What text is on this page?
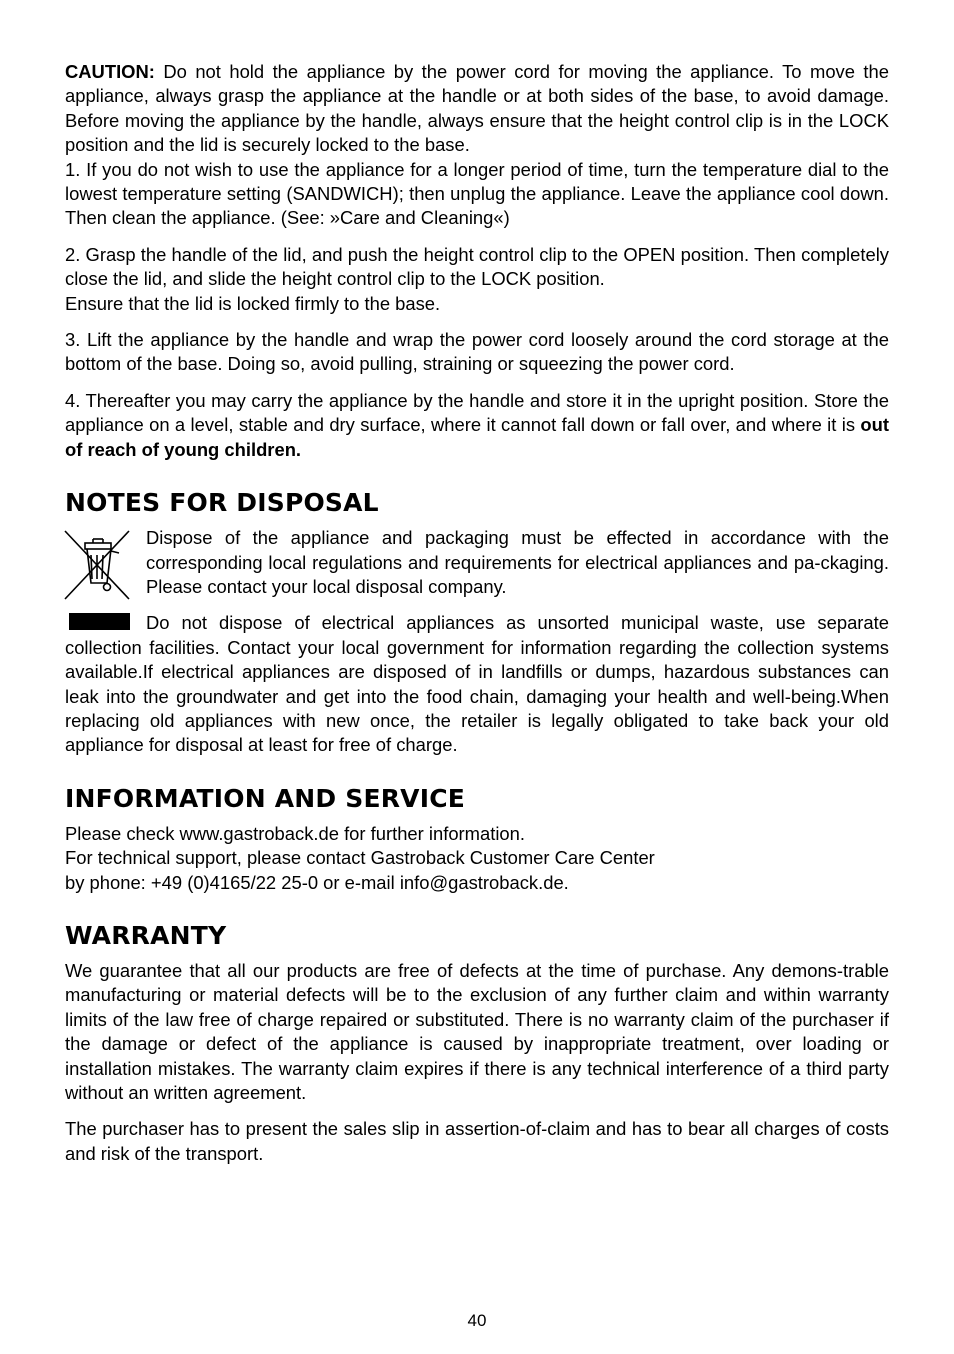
CAUTION: Do not hold the appliance by the power cord for moving the appliance. To move the appliance, always grasp the appliance at the handle or at both sides of the base, to avoid damage. Before moving the appliance by the handle, always ensure that the height control clip is in the LOCK position and the lid is securely locked to the base.

1. If you do not wish to use the appliance for a longer period of time, turn the temperature dial to the lowest temperature setting (SANDWICH); then unplug the appliance. Leave the appliance cool down. Then clean the appliance. (See: »Care and Cleaning«)

2. Grasp the handle of the lid, and push the height control clip to the OPEN position. Then completely close the lid, and slide the height control clip to the LOCK position.

Ensure that the lid is locked firmly to the base.

3. Lift the appliance by the handle and wrap the power cord loosely around the cord storage at the bottom of the base. Doing so, avoid pulling, straining or squeezing the power cord.

4. Thereafter you may carry the appliance by the handle and store it in the upright position. Store the appliance on a level, stable and dry surface, where it cannot fall down or fall over, and where it is out of reach of young children.

NOTES FOR DISPOSAL

Dispose of the appliance and packaging must be effected in accordance with the corresponding local regulations and requirements for electrical appliances and pa-ckaging. Please contact your local disposal company.

Do not dispose of electrical appliances as unsorted municipal waste, use separate collection facilities. Contact your local government for information regarding the collection systems available.If electrical appliances are disposed of in landfills or dumps, hazardous substances can leak into the groundwater and get into the food chain, damaging your health and well-being.When replacing old appliances with new once, the retailer is legally obligated to take back your old appliance for disposal at least for free of charge.

INFORMATION AND SERVICE

Please check www.gastroback.de for further information.

For technical support, please contact Gastroback Customer Care Center

by phone: +49 (0)4165/22 25-0 or e-mail info@gastroback.de.

WARRANTY

We guarantee that all our products are free of defects at the time of purchase. Any demons-trable manufacturing or material defects will be to the exclusion of any further claim and within warranty limits of the law free of charge repaired or substituted. There is no warranty claim of the purchaser if the damage or defect of the appliance is caused by inappropriate treatment, over loading or installation mistakes. The warranty claim expires if there is any technical interference of a third party without an written agreement.

The purchaser has to present the sales slip in assertion-of-claim and has to bear all charges of costs and risk of the transport.

40
